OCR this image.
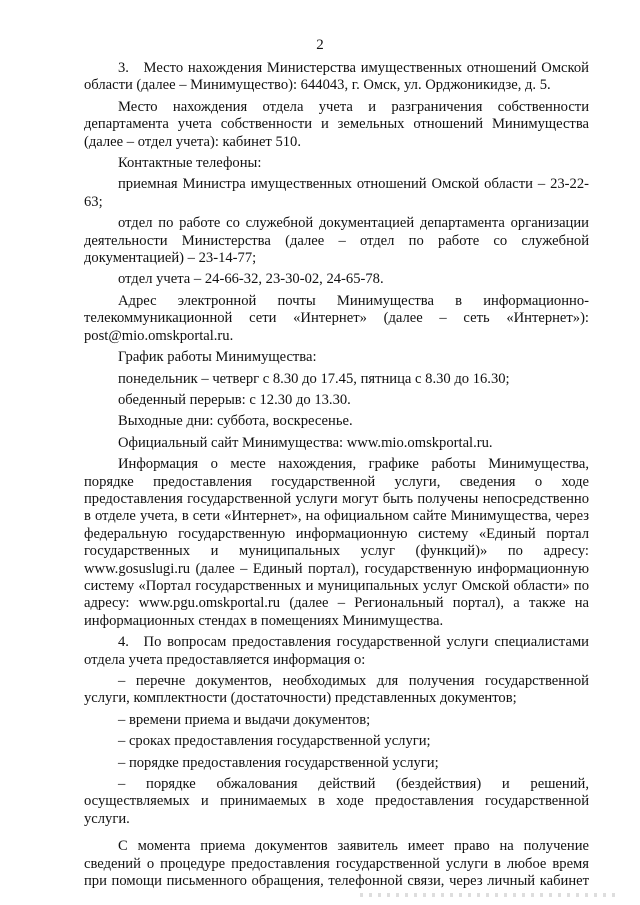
2

3. Место нахождения Министерства имущественных отношений Омской области (далее – Минимущество): 644043, г. Омск, ул. Орджоникидзе, д. 5.

Место нахождения отдела учета и разграничения собственности департамента учета собственности и земельных отношений Минимущества (далее – отдел учета): кабинет 510.

Контактные телефоны:

приемная Министра имущественных отношений Омской области – 23-22-63;

отдел по работе со служебной документацией департамента организации деятельности Министерства (далее – отдел по работе со служебной документацией) – 23-14-77;

отдел учета – 24-66-32, 23-30-02, 24-65-78.

Адрес электронной почты Минимущества в информационно-телекоммуникационной сети «Интернет» (далее – сеть «Интернет»): post@mio.omskportal.ru.

График работы Минимущества:

понедельник – четверг с 8.30 до 17.45, пятница с 8.30 до 16.30;

обеденный перерыв: с 12.30 до 13.30.

Выходные дни: суббота, воскресенье.

Официальный сайт Минимущества: www.mio.omskportal.ru.

Информация о месте нахождения, графике работы Минимущества, порядке предоставления государственной услуги, сведения о ходе предоставления государственной услуги могут быть получены непосредственно в отделе учета, в сети «Интернет», на официальном сайте Минимущества, через федеральную государственную информационную систему «Единый портал государственных и муниципальных услуг (функций)» по адресу: www.gosuslugi.ru (далее – Единый портал), государственную информационную систему «Портал государственных и муниципальных услуг Омской области» по адресу: www.pgu.omskportal.ru (далее – Региональный портал), а также на информационных стендах в помещениях Минимущества.

4. По вопросам предоставления государственной услуги специалистами отдела учета предоставляется информация о:

– перечне документов, необходимых для получения государственной услуги, комплектности (достаточности) представленных документов;

– времени приема и выдачи документов;

– сроках предоставления государственной услуги;

– порядке предоставления государственной услуги;

– порядке обжалования действий (бездействия) и решений, осуществляемых и принимаемых в ходе предоставления государственной услуги.

С момента приема документов заявитель имеет право на получение сведений о процедуре предоставления государственной услуги в любое время при помощи письменного обращения, телефонной связи, через личный кабинет
